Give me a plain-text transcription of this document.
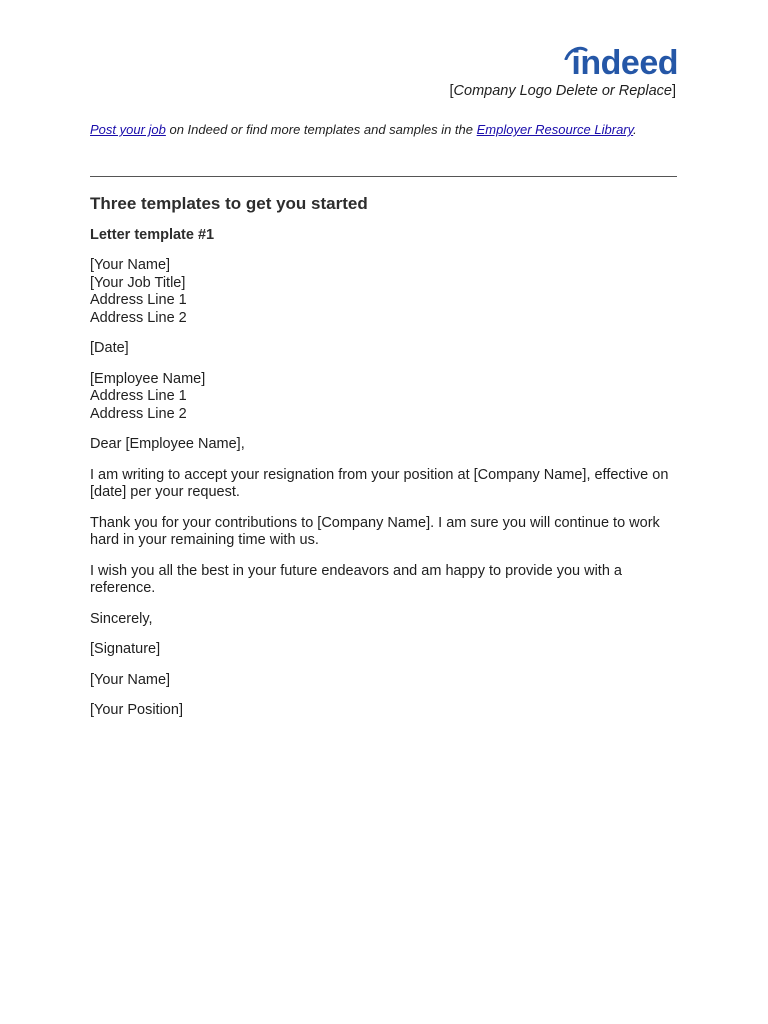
indeed
[Company Logo Delete or Replace]
Post your job on Indeed or find more templates and samples in the Employer Resource Library.
Three templates to get you started
Letter template #1
[Your Name]
[Your Job Title]
Address Line 1
Address Line 2
[Date]
[Employee Name]
Address Line 1
Address Line 2
Dear [Employee Name],
I am writing to accept your resignation from your position at [Company Name], effective on [date] per your request.
Thank you for your contributions to [Company Name]. I am sure you will continue to work hard in your remaining time with us.
I wish you all the best in your future endeavors and am happy to provide you with a reference.
Sincerely,
[Signature]
[Your Name]
[Your Position]
